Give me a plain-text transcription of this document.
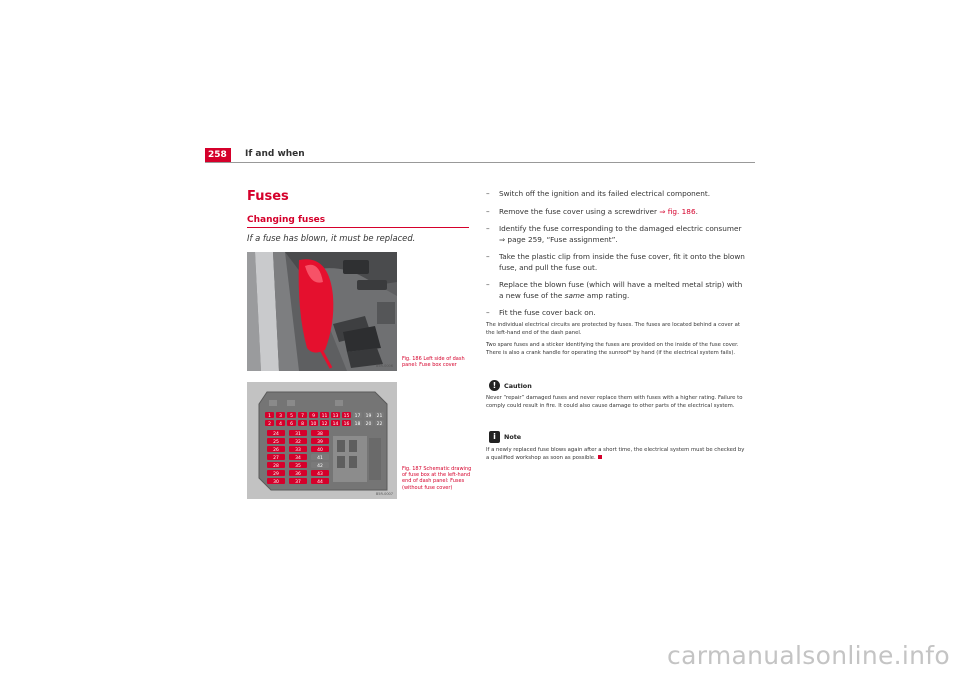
258	If and when
Fuses
Changing fuses
If a fuse has blown, it must be replaced.
B5R-0006
Fig. 186 Left side of dash panel: Fuse box cover
1
2
3
4
5
6
7
8
9
10
11
12
13
14
15
16
17
18
19
20
21
22
24
25
26
27
28
29
30
31
32
33
34
35
36
37
38
39
40
41
42
43
44
B5R-0007
Fig. 187 Schematic drawing of fuse box at the left-hand end of dash panel: Fuses (without fuse cover)
– Switch off the ignition and its failed electrical component.
– Remove the fuse cover using a screwdriver ⇒ fig. 186.
– Identify the fuse corresponding to the damaged electric consumer ⇒ page 259, “Fuse assignment”.
– Take the plastic clip from inside the fuse cover, fit it onto the blown fuse, and pull the fuse out.
– Replace the blown fuse (which will have a melted metal strip) with a new fuse of the same amp rating.
– Fit the fuse cover back on.
The individual electrical circuits are protected by fuses. The fuses are located behind a cover at the left-hand end of the dash panel.
Two spare fuses and a sticker identifying the fuses are provided on the inside of the fuse cover. There is also a crank handle for operating the sunroof* by hand (if the electrical system fails).
!	Caution
Never “repair” damaged fuses and never replace them with fuses with a higher rating. Failure to comply could result in fire. It could also cause damage to other parts of the electrical system.
i	Note
If a newly replaced fuse blows again after a short time, the electrical system must be checked by a qualified workshop as soon as possible.
carmanualsonline.info
